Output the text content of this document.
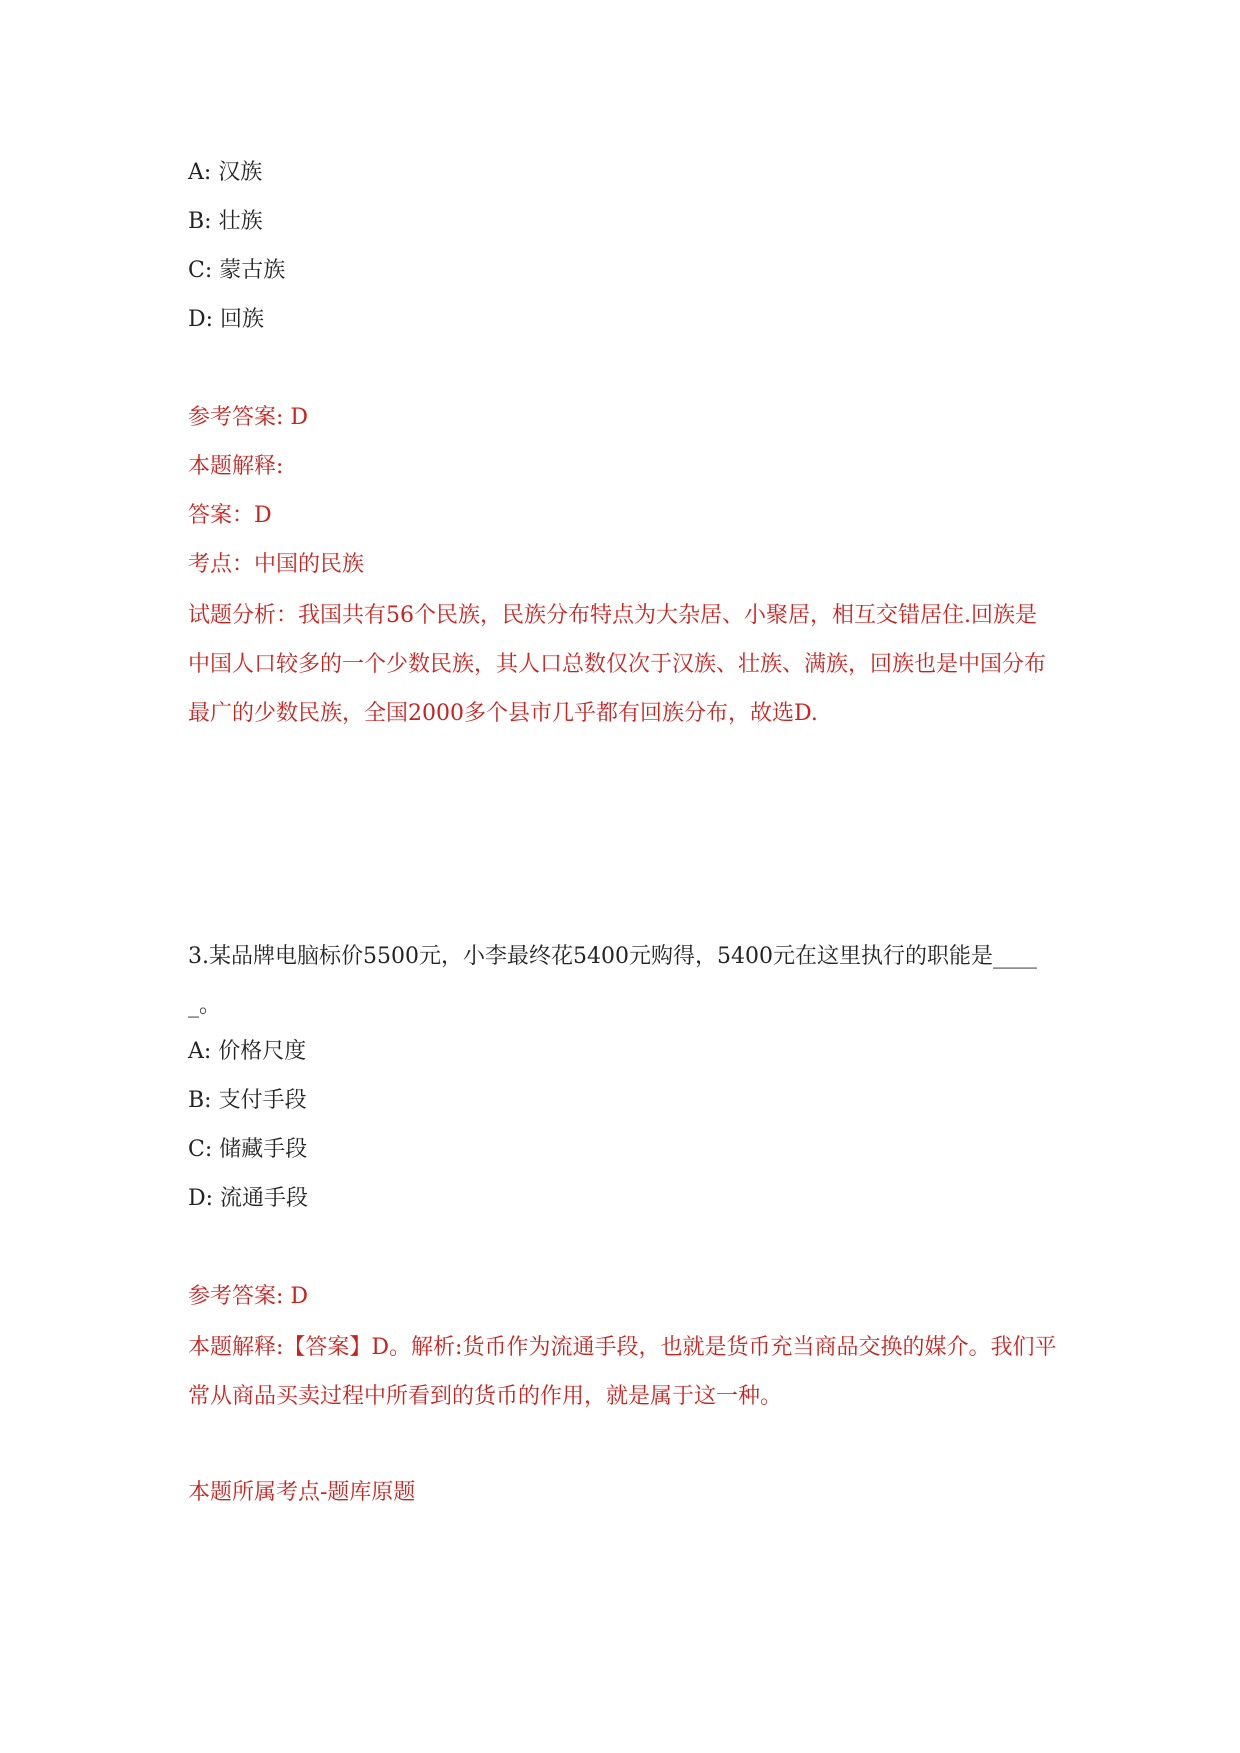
A: 汉族
B: 壮族
C: 蒙古族
D: 回族
参考答案: D
本题解释:
答案：D
考点：中国的民族
试题分析：我国共有56个民族，民族分布特点为大杂居、小聚居，相互交错居住.回族是中国人口较多的一个少数民族，其人口总数仅次于汉族、壮族、满族，回族也是中国分布最广的少数民族，全国2000多个县市几乎都有回族分布，故选D.
3.某品牌电脑标价5500元，小李最终花5400元购得，5400元在这里执行的职能是_____。
A: 价格尺度
B: 支付手段
C: 储藏手段
D: 流通手段
参考答案: D
本题解释:【答案】D。解析:货币作为流通手段，也就是货币充当商品交换的媒介。我们平常从商品买卖过程中所看到的货币的作用，就是属于这一种。
本题所属考点-题库原题
